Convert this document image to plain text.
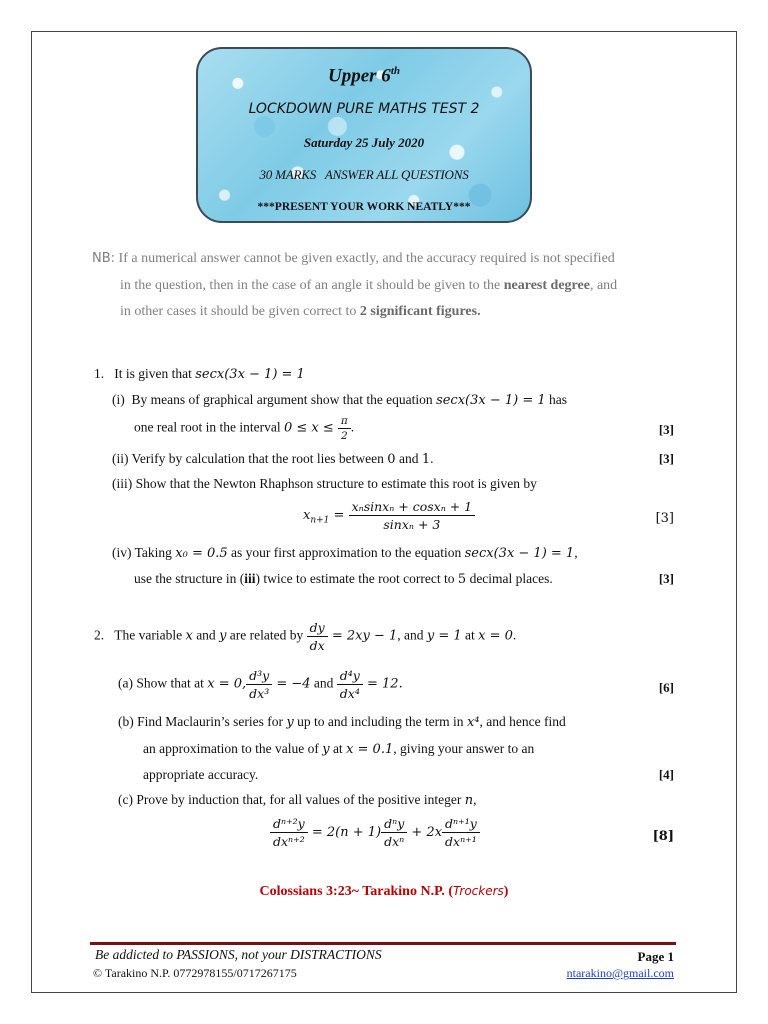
Upper 6th
LOCKDOWN PURE MATHS TEST 2
Saturday 25 July 2020
30 MARKS   ANSWER ALL QUESTIONS
***PRESENT YOUR WORK NEATLY***
NB: If a numerical answer cannot be given exactly, and the accuracy required is not specified
in the question, then in the case of an angle it should be given to the nearest degree, and
in other cases it should be given correct to 2 significant figures.
1. It is given that secx(3x − 1) = 1
(i) By means of graphical argument show that the equation secx(3x − 1) = 1 has
one real root in the interval $0 \le x \le \frac{\pi}{2}$ .	[3]
(ii) Verify by calculation that the root lies between 0 and 1.	[3]
(iii) Show that the Newton Rhaphson structure to estimate this root is given by
$x_{n+1} = \frac{\text{xₙsinxₙ + cosxₙ + 1}}{\text{sinxₙ + 3}}$	[3]
(iv) Taking x₀ = 0.5 as your first approximation to the equation secx(3x − 1) = 1,
use the structure in (iii) twice to estimate the root correct to 5 decimal places.	[3]
2. The variable x and y are related by $\frac{dy}{dx} = 2xy - 1$, and y = 1 at x = 0.
(a) Show that at x = 0, $\frac{\text{d³y}}{\text{dx³}} = -4$ and $\frac{\text{d⁴y}}{\text{dx⁴}} = 12$.	[6]
(b) Find Maclaurin’s series for y up to and including the term in x⁴, and hence find
an approximation to the value of y at x = 0.1, giving your answer to an
appropriate accuracy.	[4]
(c) Prove by induction that, for all values of the positive integer n,
$\frac{\text{dⁿ⁺²y}}{\text{dxⁿ⁺²}} = 2(n + 1) \frac{\text{dⁿy}}{\text{dxⁿ}} + 2x \frac{\text{dⁿ⁺¹y}}{\text{dxⁿ⁺¹}}$	[8]
Colossians 3:23~ Tarakino N.P. (Trockers)
Be addicted to PASSIONS, not your DISTRACTIONS	Page 1
© Tarakino N.P. 0772978155/0717267175	ntarakino@gmail.com
